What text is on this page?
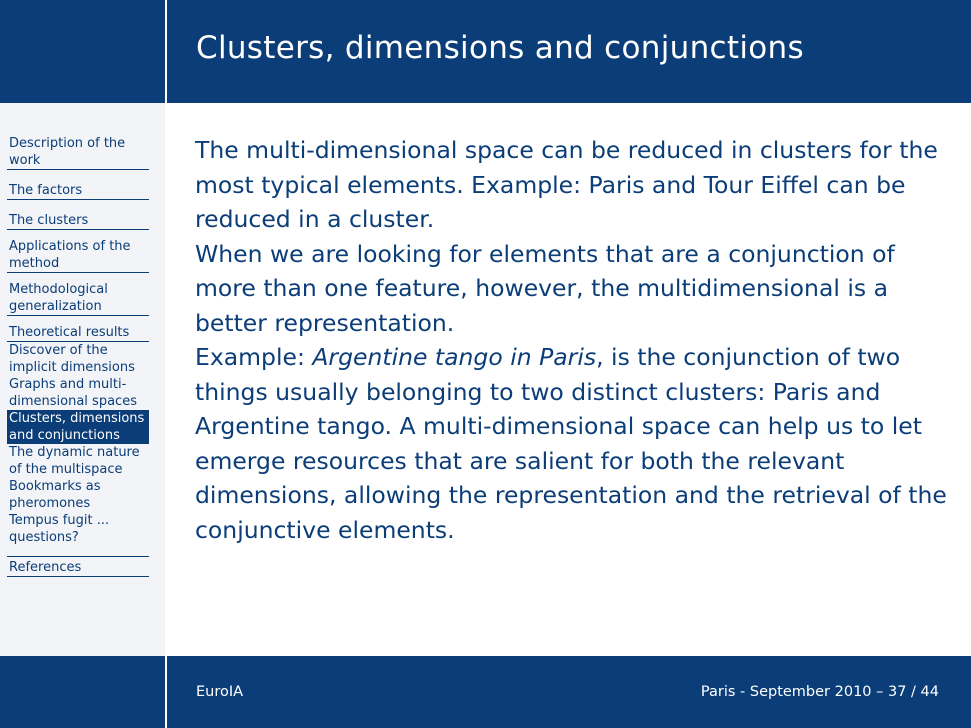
Clusters, dimensions and conjunctions
Description of the work
The factors
The clusters
Applications of the method
Methodological generalization
Theoretical results
Discover of the implicit dimensions
Graphs and multi-dimensional spaces
Clusters, dimensions and conjunctions
The dynamic nature of the multispace
Bookmarks as pheromones
Tempus fugit ... questions?
References

The multi-dimensional space can be reduced in clusters for the most typical elements. Example: Paris and Tour Eiffel can be reduced in a cluster.

When we are looking for elements that are a conjunction of more than one feature, however, the multidimensional is a better representation.

Example: Argentine tango in Paris, is the conjunction of two things usually belonging to two distinct clusters: Paris and Argentine tango. A multi-dimensional space can help us to let emerge resources that are salient for both the relevant dimensions, allowing the representation and the retrieval of the conjunctive elements.

EuroIA	Paris - September 2010 – 37 / 44
